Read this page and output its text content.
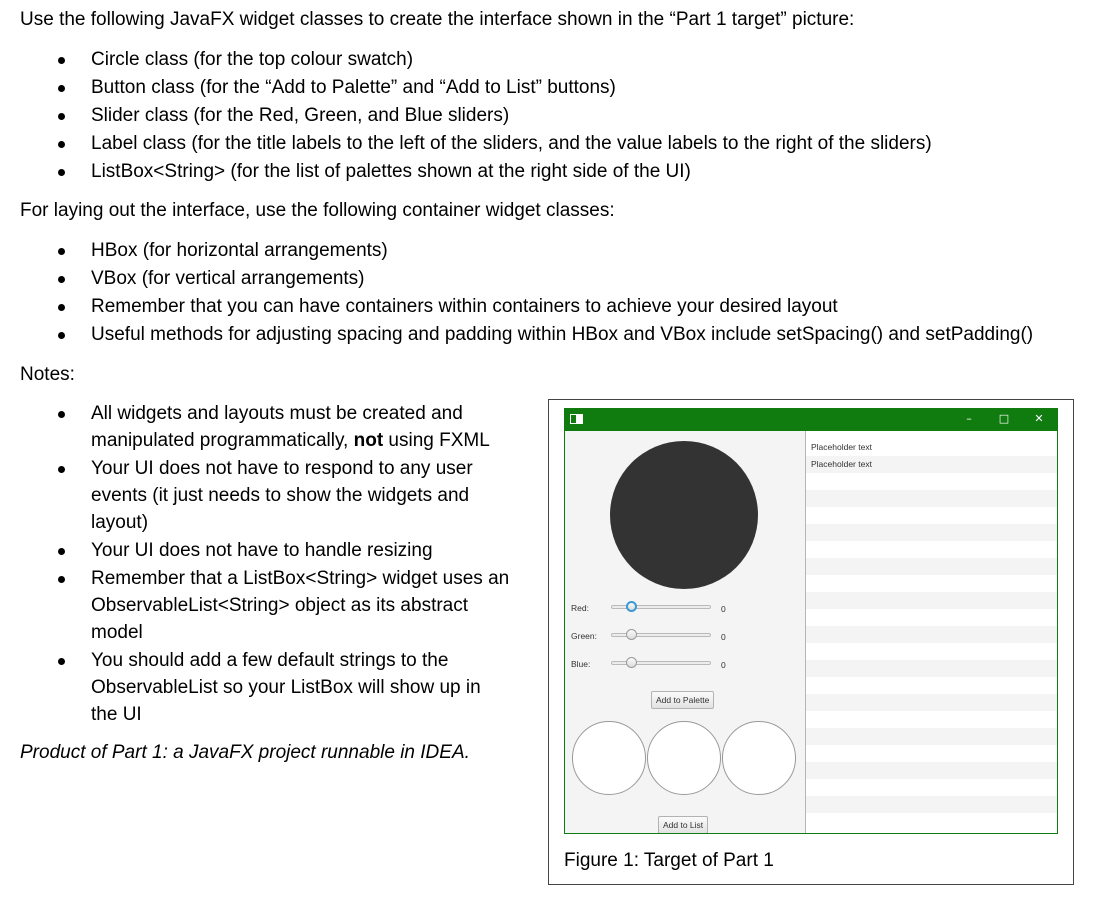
Use the following JavaFX widget classes to create the interface shown in the “Part 1 target” picture:
Circle class (for the top colour swatch)
Button class (for the “Add to Palette” and “Add to List” buttons)
Slider class (for the Red, Green, and Blue sliders)
Label class (for the title labels to the left of the sliders, and the value labels to the right of the sliders)
ListBox<String> (for the list of palettes shown at the right side of the UI)
For laying out the interface, use the following container widget classes:
HBox (for horizontal arrangements)
VBox (for vertical arrangements)
Remember that you can have containers within containers to achieve your desired layout
Useful methods for adjusting spacing and padding within HBox and VBox include setSpacing() and setPadding()
Notes:
All widgets and layouts must be created and
manipulated programmatically, not using FXML
Your UI does not have to respond to any user
events (it just needs to show the widgets and
layout)
Your UI does not have to handle resizing
Remember that a ListBox<String> widget uses an
ObservableList<String> object as its abstract
model
You should add a few default strings to the
ObservableList so your ListBox will show up in
the UI
Product of Part 1: a JavaFX project runnable in IDEA.
–	□	✕
Red:	0
Green:	0
Blue:	0
Add to Palette
Add to List
Placeholder text
Placeholder text
Figure 1: Target of Part 1
